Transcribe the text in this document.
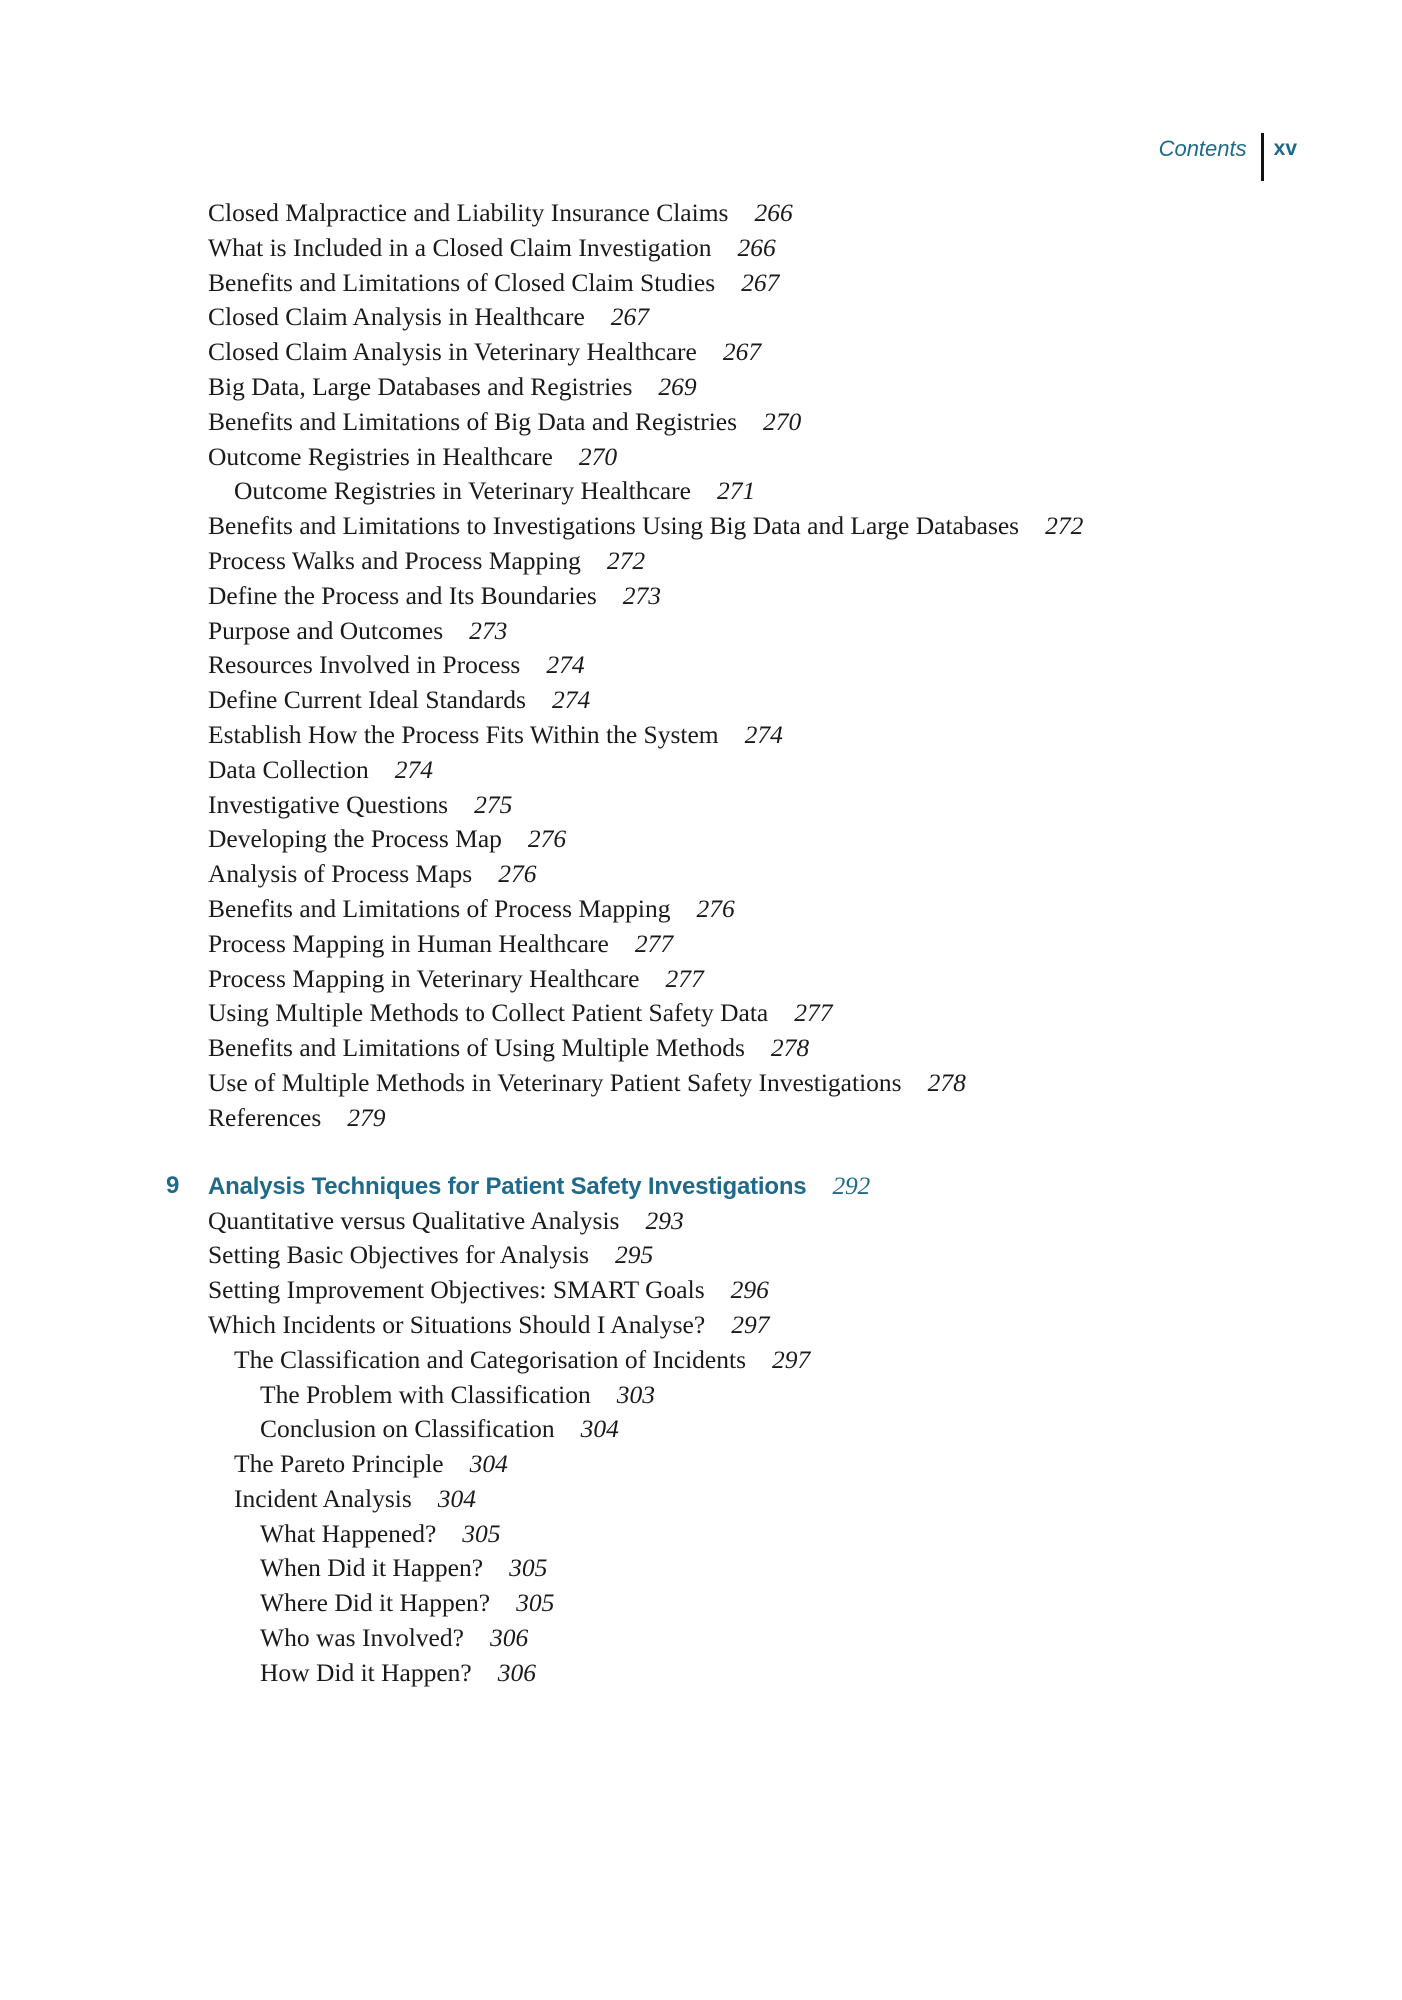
Contents	xv
Closed Malpractice and Liability Insurance Claims 266
What is Included in a Closed Claim Investigation 266
Benefits and Limitations of Closed Claim Studies 267
Closed Claim Analysis in Healthcare 267
Closed Claim Analysis in Veterinary Healthcare 267
Big Data, Large Databases and Registries 269
Benefits and Limitations of Big Data and Registries 270
Outcome Registries in Healthcare 270
Outcome Registries in Veterinary Healthcare 271
Benefits and Limitations to Investigations Using Big Data and Large Databases 272
Process Walks and Process Mapping 272
Define the Process and Its Boundaries 273
Purpose and Outcomes 273
Resources Involved in Process 274
Define Current Ideal Standards 274
Establish How the Process Fits Within the System 274
Data Collection 274
Investigative Questions 275
Developing the Process Map 276
Analysis of Process Maps 276
Benefits and Limitations of Process Mapping 276
Process Mapping in Human Healthcare 277
Process Mapping in Veterinary Healthcare 277
Using Multiple Methods to Collect Patient Safety Data 277
Benefits and Limitations of Using Multiple Methods 278
Use of Multiple Methods in Veterinary Patient Safety Investigations 278
References 279
9 Analysis Techniques for Patient Safety Investigations 292
Quantitative versus Qualitative Analysis 293
Setting Basic Objectives for Analysis 295
Setting Improvement Objectives: SMART Goals 296
Which Incidents or Situations Should I Analyse? 297
The Classification and Categorisation of Incidents 297
The Problem with Classification 303
Conclusion on Classification 304
The Pareto Principle 304
Incident Analysis 304
What Happened? 305
When Did it Happen? 305
Where Did it Happen? 305
Who was Involved? 306
How Did it Happen? 306
